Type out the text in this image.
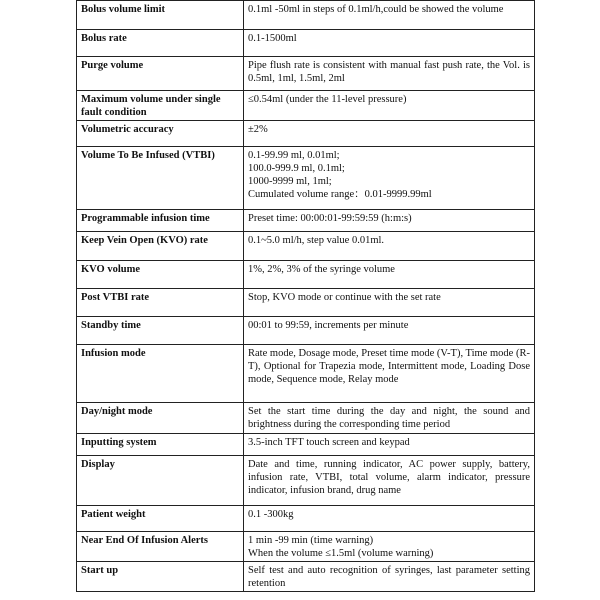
Bolus volume limit	0.1ml -50ml in steps of 0.1ml/h,could be showed the volume
Bolus rate	0.1-1500ml
Purge volume	Pipe flush rate is consistent with manual fast push rate, the Vol. is 0.5ml, 1ml, 1.5ml, 2ml
Maximum volume under single fault condition	≤0.54ml (under the 11-level pressure)
Volumetric accuracy	±2%
Volume To Be Infused (VTBI)	0.1-99.99 ml, 0.01ml;
100.0-999.9 ml, 0.1ml;
1000-9999 ml, 1ml;
Cumulated volume range：0.01-9999.99ml

Programmable infusion time	Preset time: 00:00:01-99:59:59 (h:m:s)
Keep Vein Open (KVO) rate	0.1~5.0 ml/h, step value 0.01ml.
KVO volume	1%, 2%, 3% of the syringe volume
Post VTBI rate	Stop, KVO mode or continue with the set rate
Standby time	00:01 to 99:59, increments per minute
Infusion mode	Rate mode, Dosage mode, Preset time mode (V-T), Time mode (R-T), Optional for Trapezia mode, Intermittent mode, Loading Dose mode, Sequence mode, Relay mode
Day/night mode	Set the start time during the day and night, the sound and brightness during the corresponding time period
Inputting system	3.5-inch TFT touch screen and keypad
Display	Date and time, running indicator, AC power supply, battery, infusion rate, VTBI, total volume, alarm indicator, pressure indicator, infusion brand, drug name
Patient weight	0.1 -300kg
Near End Of Infusion Alerts	1 min -99 min (time warning)
When the volume ≤1.5ml (volume warning)

Start up	Self test and auto recognition of syringes, last parameter setting retention
